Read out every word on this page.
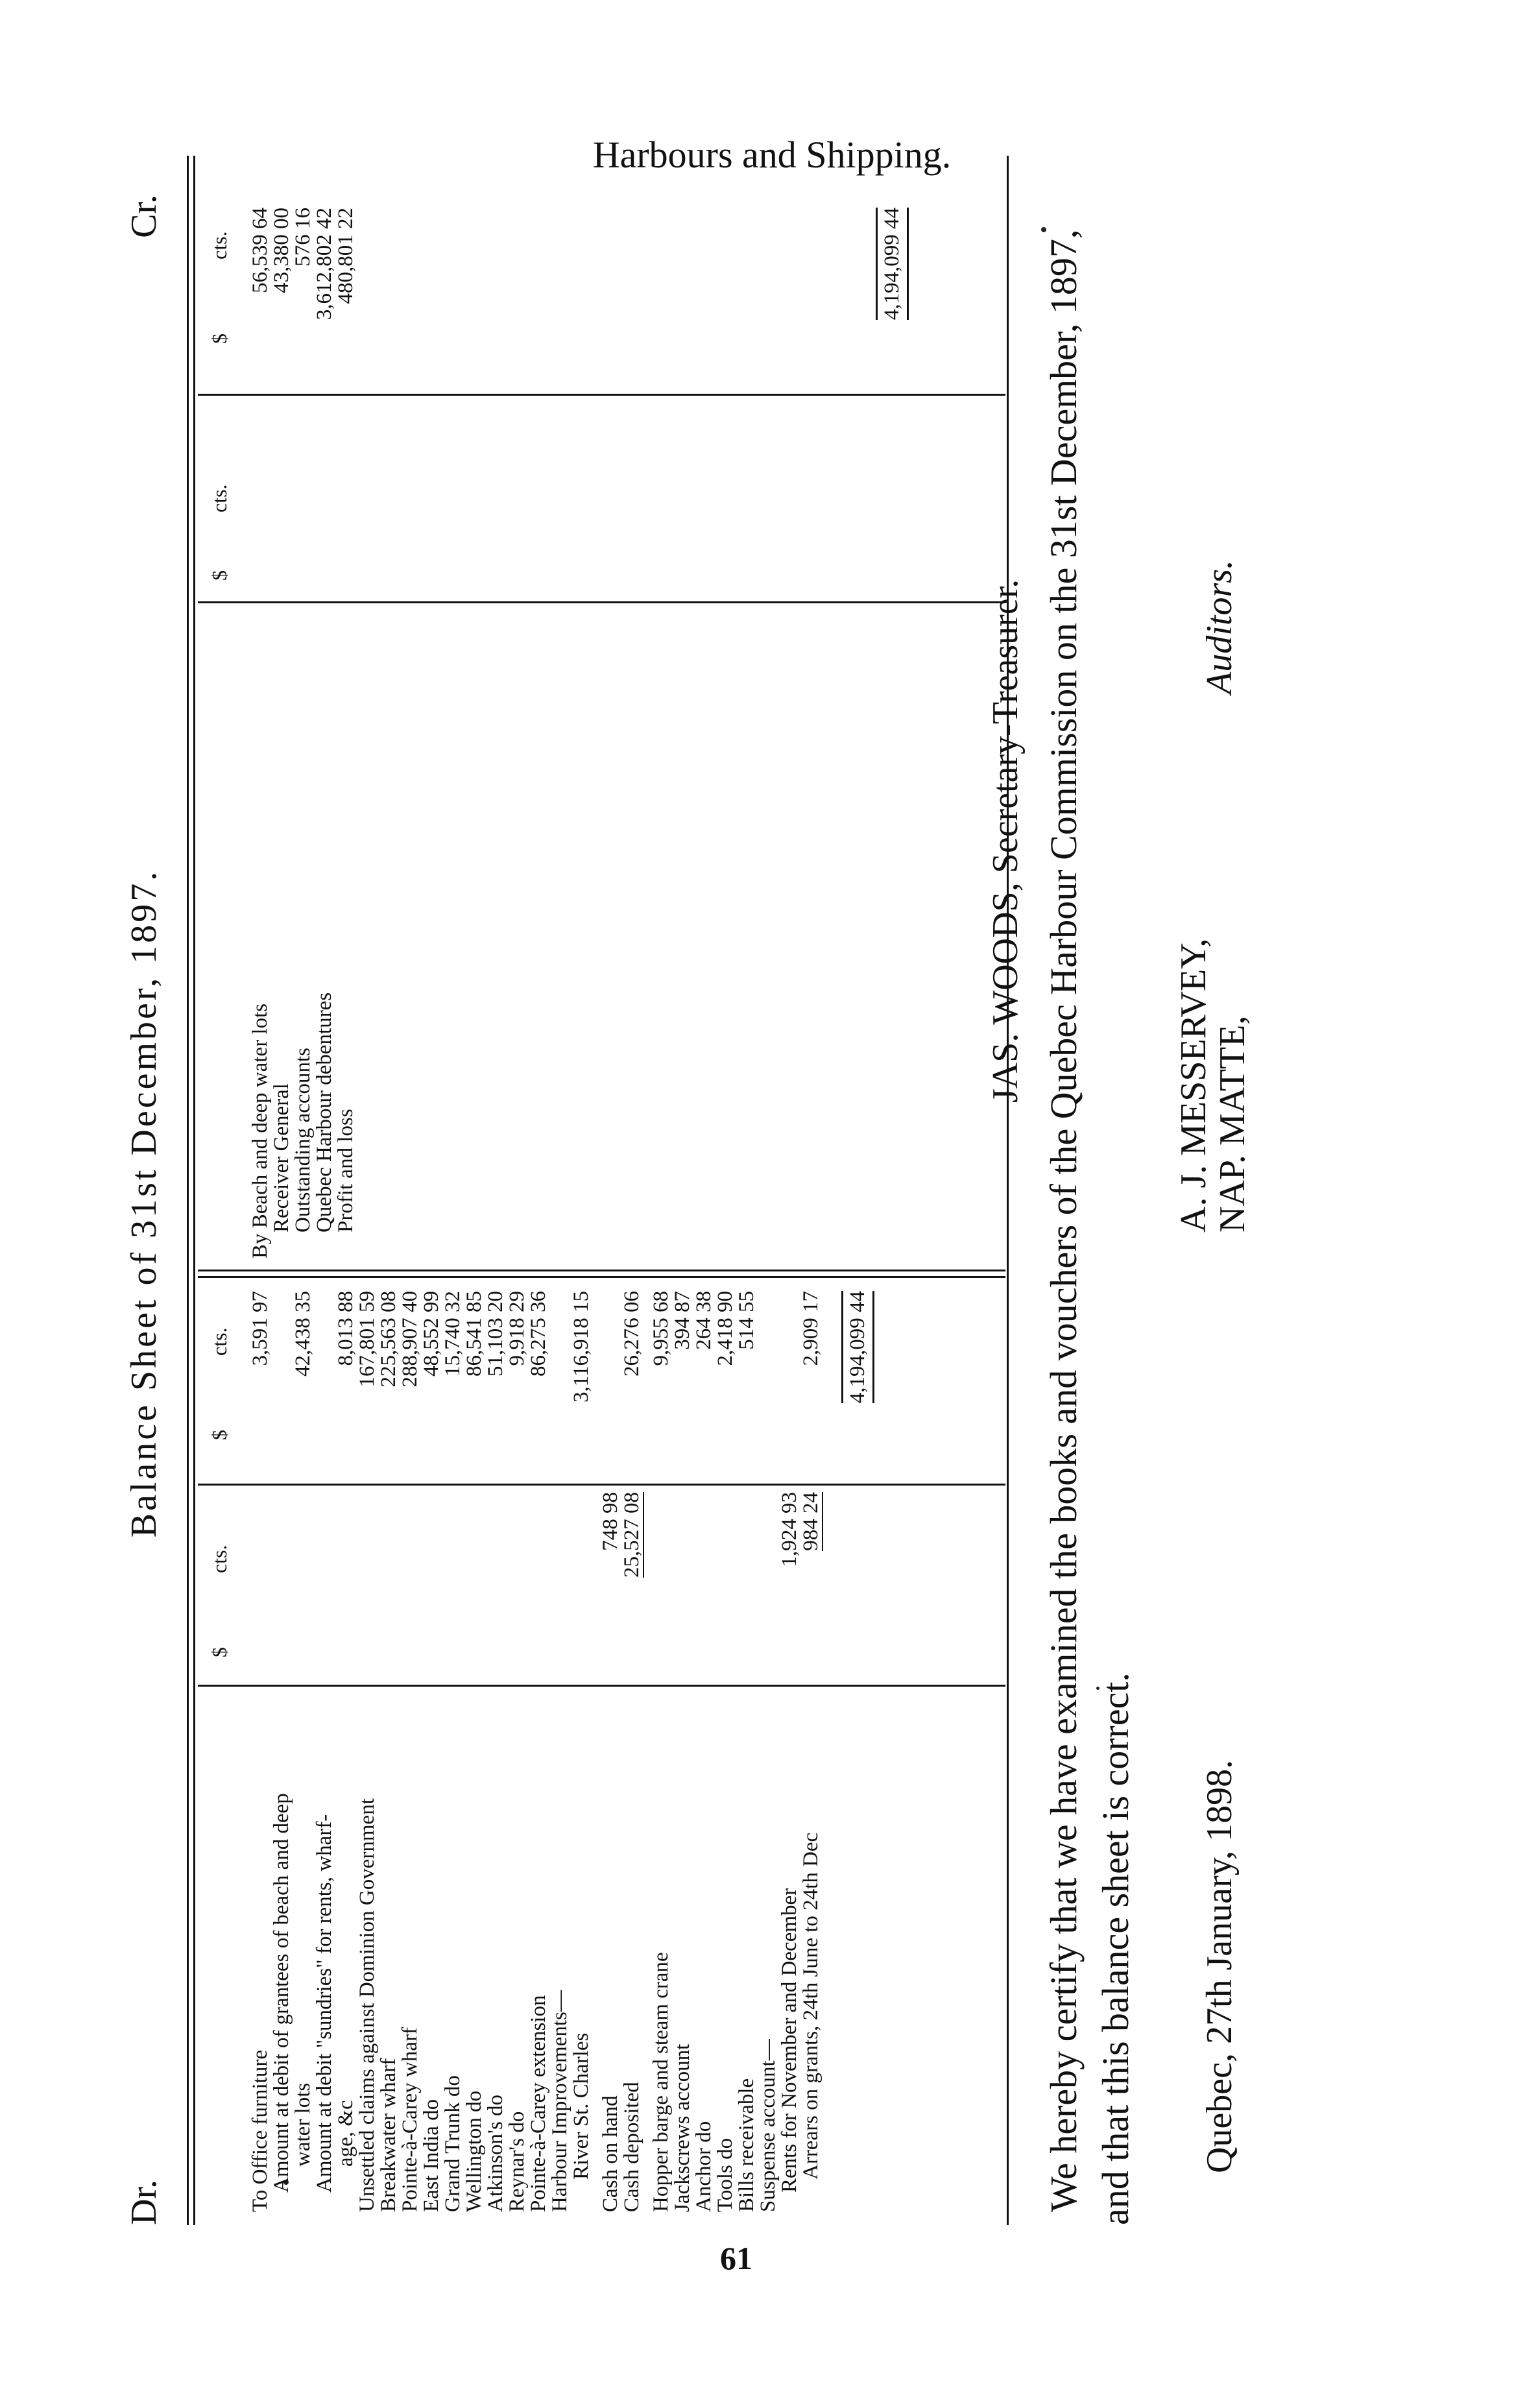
Harbours and Shipping.
61
Dr.
Balance Sheet of 31st December, 1897.
Cr.
$
cts.
$
cts.
$
cts.
$
cts.
To Office furniture
3,591 97
Amount at debit of grantees of beach and deep
water lots
42,438 35
Amount at debit "sundries" for rents, wharf-
age, &c
8,013 88
Unsettled claims against Dominion Government
167,801 59
Breakwater wharf
225,563 08
Pointe-à-Carey wharf
288,907 40
East India do
48,552 99
Grand Trunk do
15,740 32
Wellington do
86,541 85
Atkinson's do
51,103 20
Reynar's do
9,918 29
Pointe-à-Carey extension
86,275 36
Harbour Improvements—
River St. Charles
3,116,918 15
Cash on hand
748 98
Cash deposited
25,527 08
26,276 06
Hopper barge and steam crane
9,955 68
Jackscrews account
394 87
Anchor do
264 38
Tools do
2,418 90
Bills receivable
514 55
Suspense account—
Rents for November and December
1,924 93
Arrears on grants, 24th June to 24th Dec
984 24
2,909 17 4,194,099 44
By Beach and deep water lots
56,539 64
Receiver General
43,380 00
Outstanding accounts
576 16
Quebec Harbour debentures
3,612,802 42
Profit and loss
480,801 22	4,194,099 44
JAS. WOODS, Secretary-Treasurer. We hereby certify that we have examined the books and vouchers of the Quebec Harbour Commission on the 31st December, 1897, and that this balance sheet is correct. Quebec, 27th January, 1898.
A. J. MESSERVEY,
NAP. MATTE,
Auditors.
